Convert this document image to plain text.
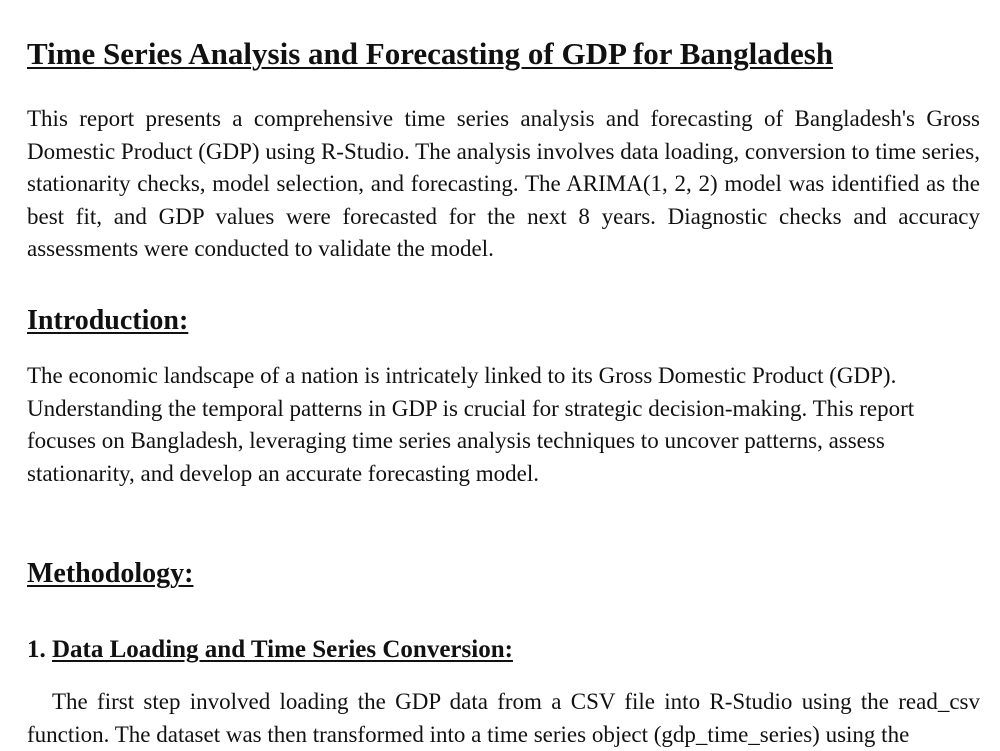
Time Series Analysis and Forecasting of GDP for Bangladesh

This report presents a comprehensive time series analysis and forecasting of Bangladesh's Gross Domestic Product (GDP) using R-Studio. The analysis involves data loading, conversion to time series, stationarity checks, model selection, and forecasting. The ARIMA(1, 2, 2) model was identified as the best fit, and GDP values were forecasted for the next 8 years. Diagnostic checks and accuracy assessments were conducted to validate the model.

Introduction:

The economic landscape of a nation is intricately linked to its Gross Domestic Product (GDP). Understanding the temporal patterns in GDP is crucial for strategic decision-making. This report focuses on Bangladesh, leveraging time series analysis techniques to uncover patterns, assess stationarity, and develop an accurate forecasting model.

Methodology:
1. Data Loading and Time Series Conversion:

The first step involved loading the GDP data from a CSV file into R-Studio using the read_csv function. The dataset was then transformed into a time series object (gdp_time_series) using the
